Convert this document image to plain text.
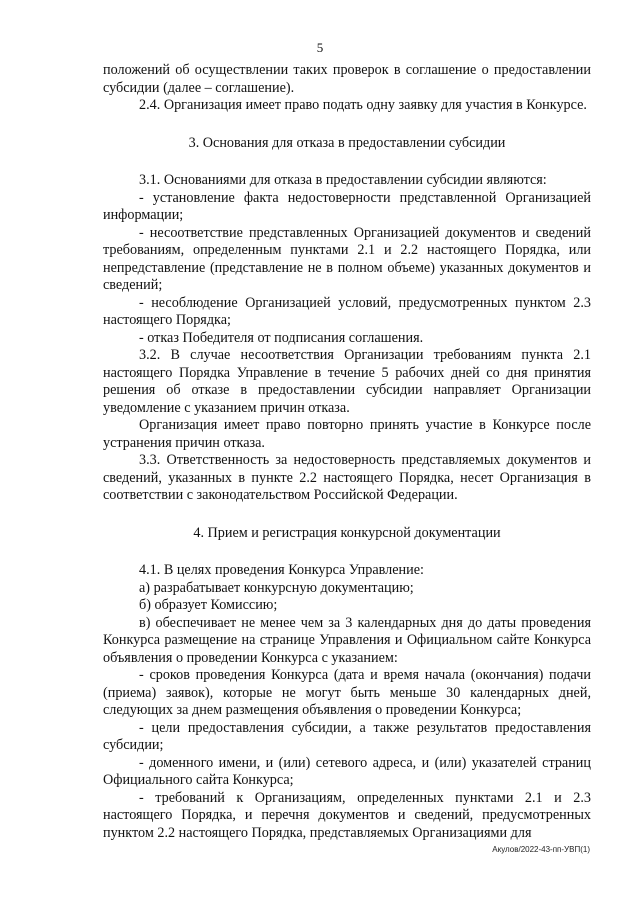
5

положений об осуществлении таких проверок в соглашение о предоставлении субсидии (далее – соглашение).

2.4. Организация имеет право подать одну заявку для участия в Конкурсе.

3. Основания для отказа в предоставлении субсидии

3.1. Основаниями для отказа в предоставлении субсидии являются:

- установление факта недостоверности представленной Организацией информации;

- несоответствие представленных Организацией документов и сведений требованиям, определенным пунктами 2.1 и 2.2 настоящего Порядка, или непредставление (представление не в полном объеме) указанных документов и сведений;

- несоблюдение Организацией условий, предусмотренных пунктом 2.3 настоящего Порядка;

- отказ Победителя от подписания соглашения.

3.2. В случае несоответствия Организации требованиям пункта 2.1 настоящего Порядка Управление в течение 5 рабочих дней со дня принятия решения об отказе в предоставлении субсидии направляет Организации уведомление с указанием причин отказа.

Организация имеет право повторно принять участие в Конкурсе после устранения причин отказа.

3.3. Ответственность за недостоверность представляемых документов и сведений, указанных в пункте 2.2 настоящего Порядка, несет Организация в соответствии с законодательством Российской Федерации.

4. Прием и регистрация конкурсной документации

4.1. В целях проведения Конкурса Управление:

а) разрабатывает конкурсную документацию;

б) образует Комиссию;

в) обеспечивает не менее чем за 3 календарных дня до даты проведения Конкурса размещение на странице Управления и Официальном сайте Конкурса объявления о проведении Конкурса с указанием:

- сроков проведения Конкурса (дата и время начала (окончания) подачи (приема) заявок), которые не могут быть меньше 30 календарных дней, следующих за днем размещения объявления о проведении Конкурса;

- цели предоставления субсидии, а также результатов предоставления субсидии;

- доменного имени, и (или) сетевого адреса, и (или) указателей страниц Официального сайта Конкурса;

- требований к Организациям, определенных пунктами 2.1 и 2.3 настоящего Порядка, и перечня документов и сведений, предусмотренных пунктом 2.2 настоящего Порядка, представляемых Организациями для

Акулов/2022-43-пп-УВП(1)
